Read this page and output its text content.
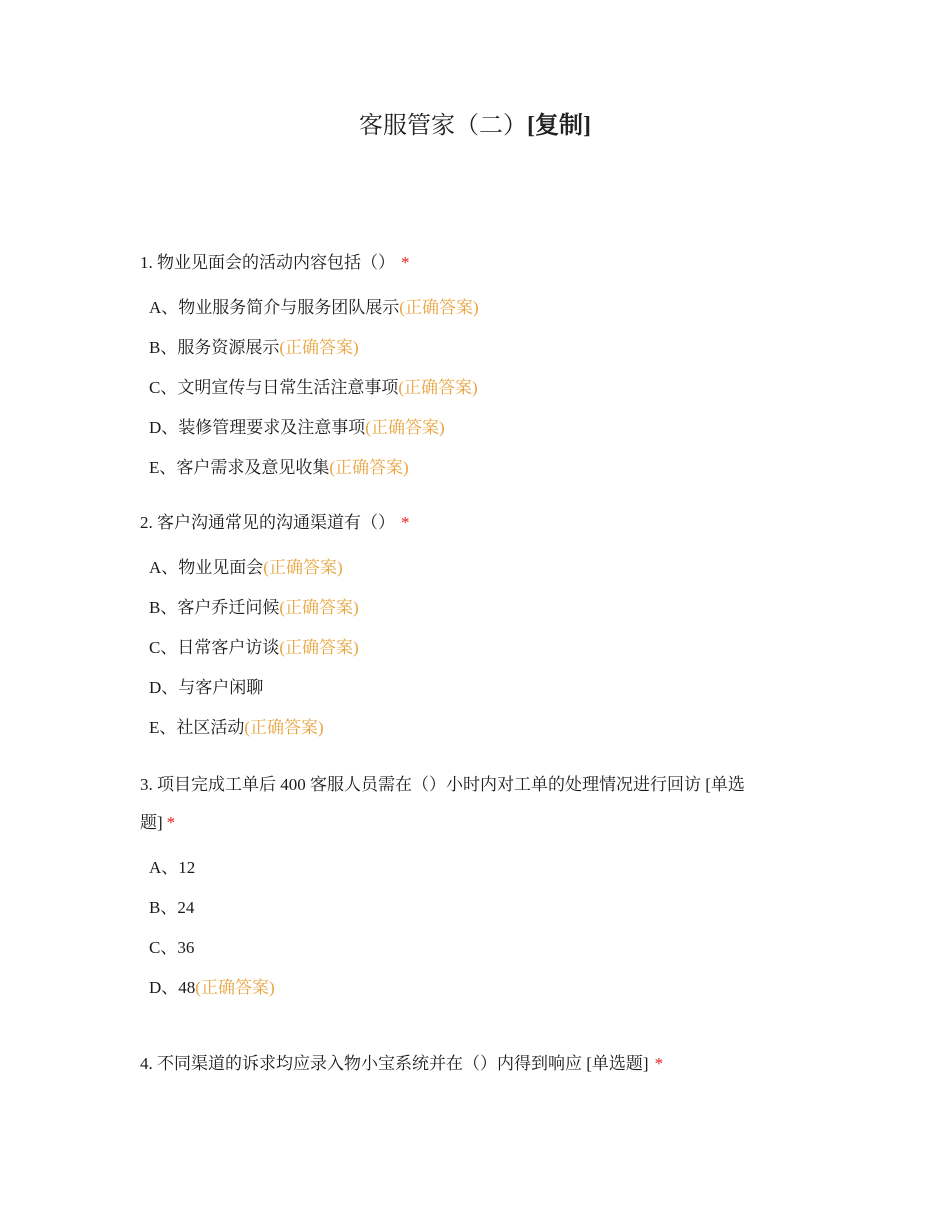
客服管家（二）[复制]
1. 物业见面会的活动内容包括（） *
A、物业服务简介与服务团队展示(正确答案)
B、服务资源展示(正确答案)
C、文明宣传与日常生活注意事项(正确答案)
D、装修管理要求及注意事项(正确答案)
E、客户需求及意见收集(正确答案)
2. 客户沟通常见的沟通渠道有（） *
A、物业见面会(正确答案)
B、客户乔迁问候(正确答案)
C、日常客户访谈(正确答案)
D、与客户闲聊
E、社区活动(正确答案)
3. 项目完成工单后 400 客服人员需在（）小时内对工单的处理情况进行回访 [单选
题] *
A、12
B、24
C、36
D、48(正确答案)
4. 不同渠道的诉求均应录入物小宝系统并在（）内得到响应 [单选题] *
